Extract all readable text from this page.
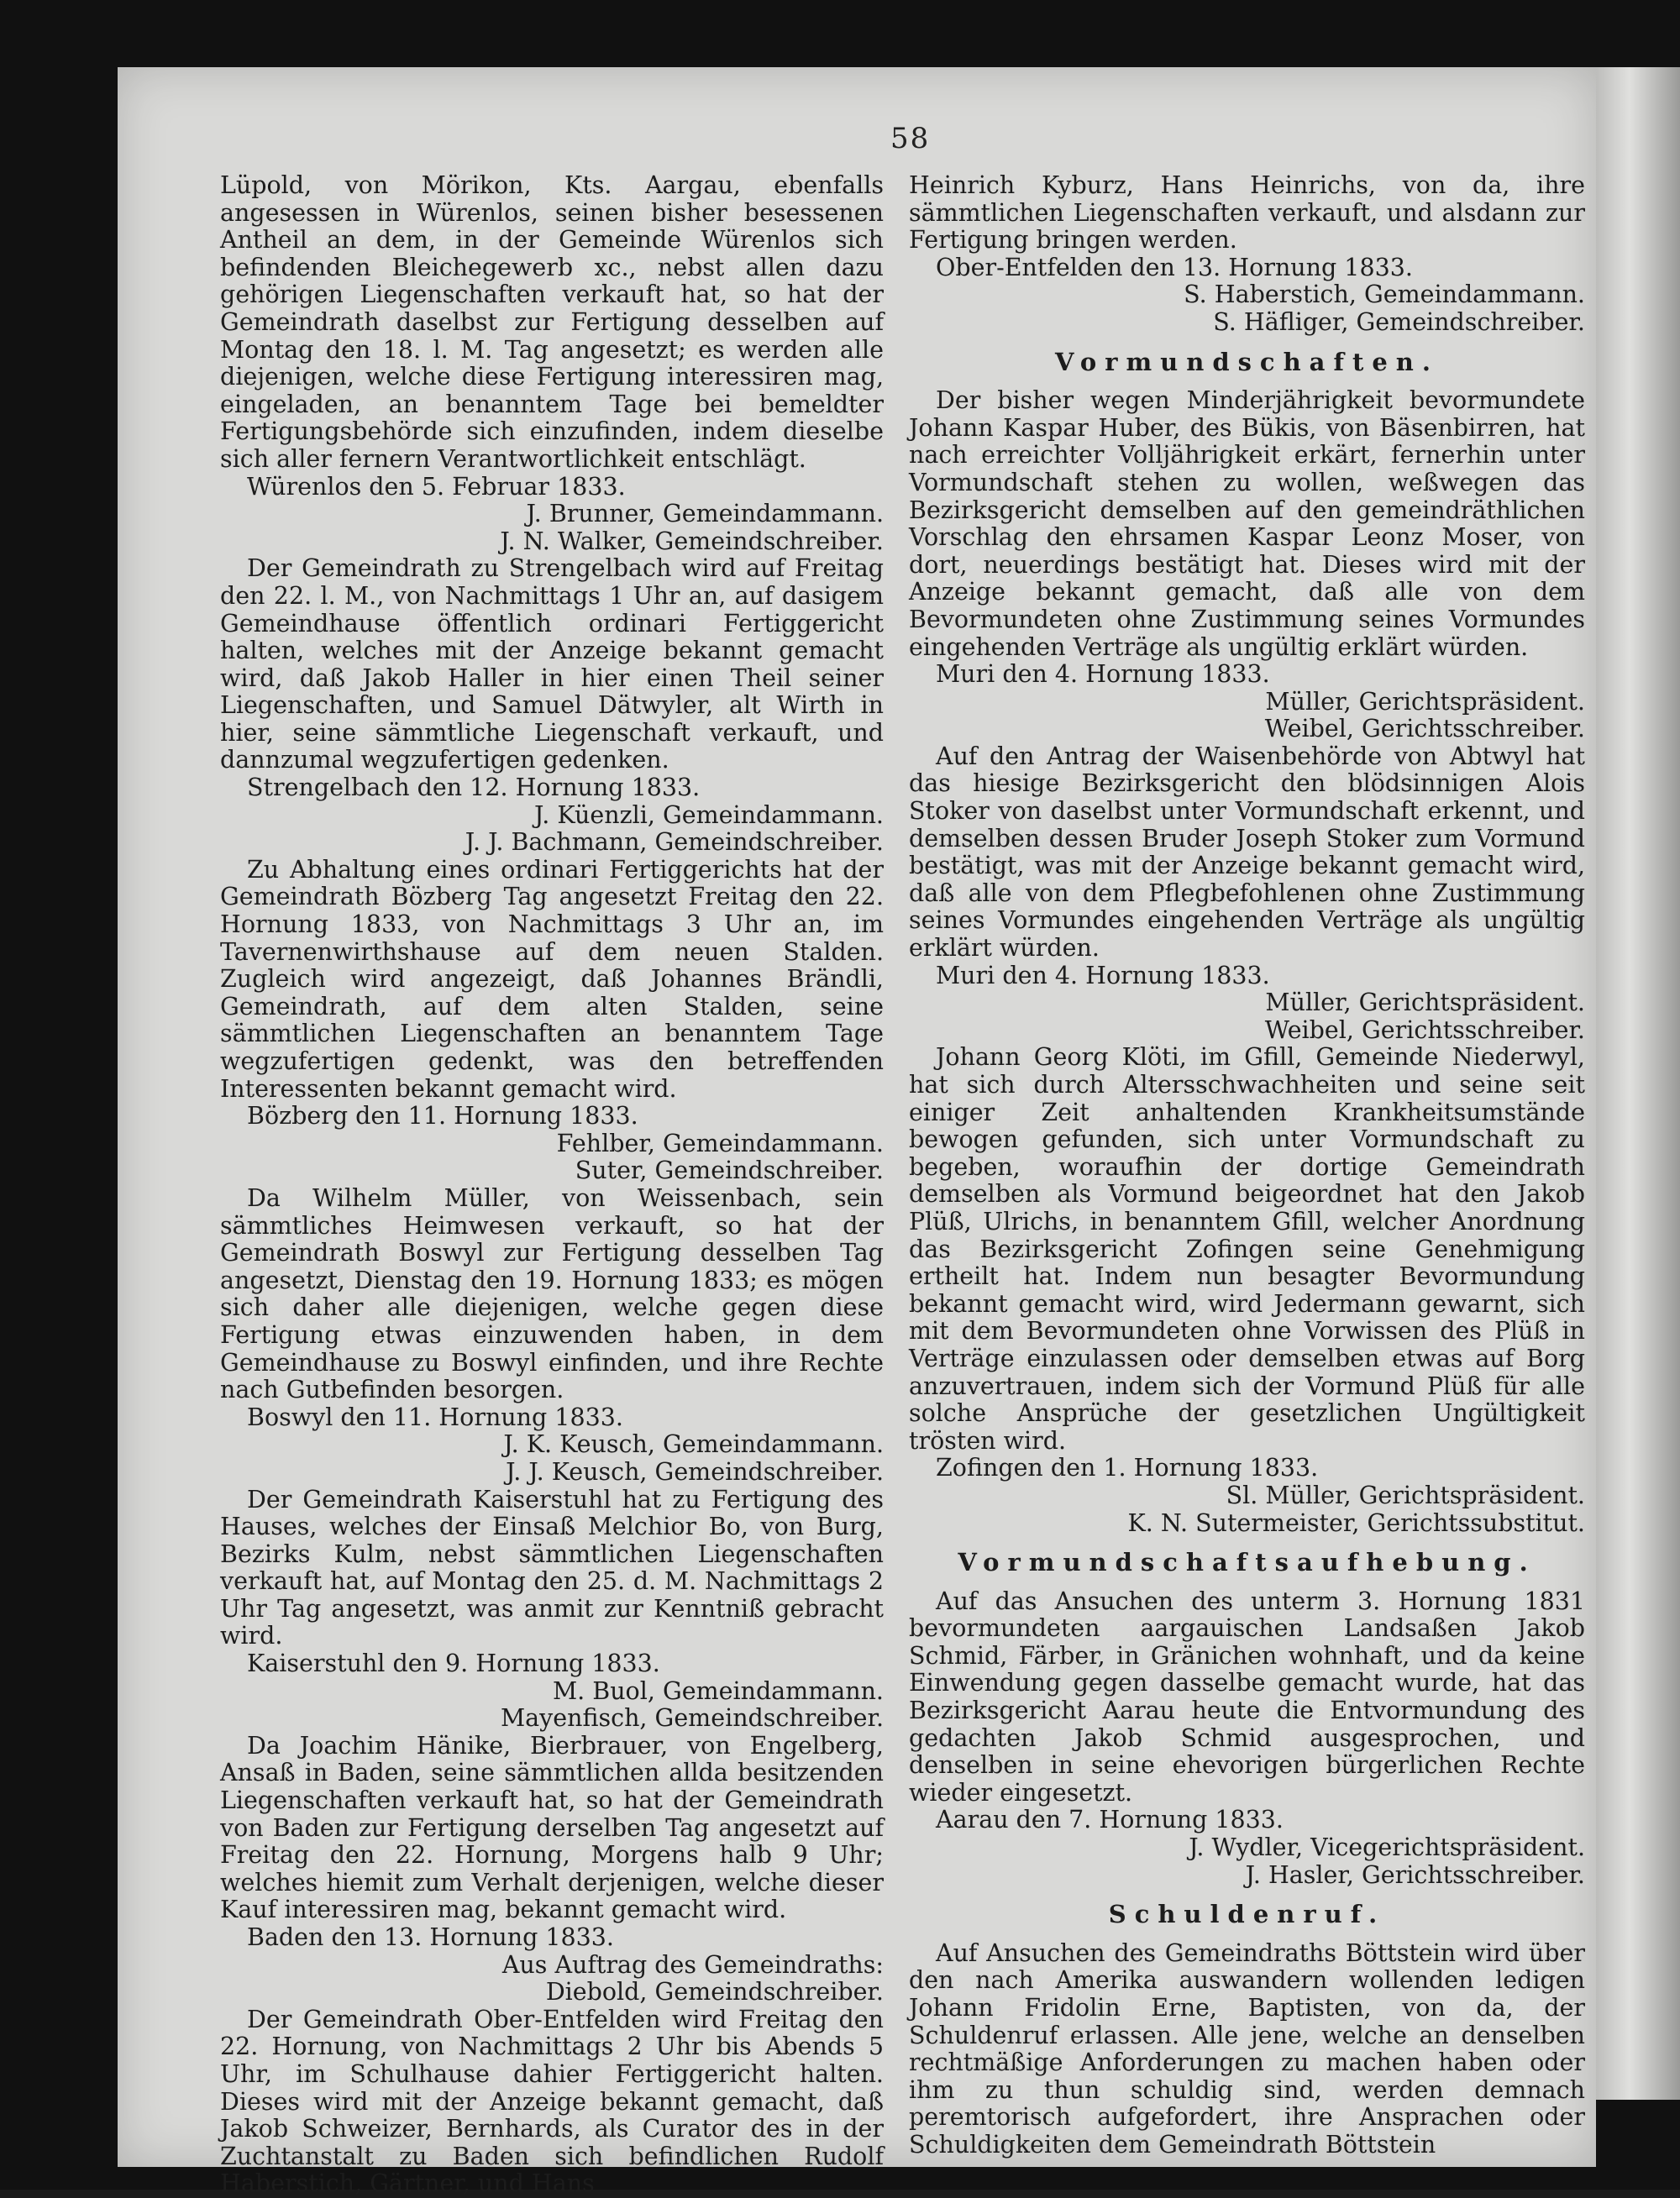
58

Lüpold, von Mörikon, Kts. Aargau, ebenfalls angesessen in Würenlos, seinen bisher besessenen Antheil an dem, in der Gemeinde Würenlos sich befindenden Bleichegewerb xc., nebst allen dazu gehörigen Liegenschaften verkauft hat, so hat der Gemeindrath daselbst zur Fertigung desselben auf Montag den 18. l. M. Tag angesetzt; es werden alle diejenigen, welche diese Fertigung interessiren mag, eingeladen, an benanntem Tage bei bemeldter Fertigungsbehörde sich einzufinden, indem dieselbe sich aller fernern Verantwortlichkeit entschlägt.

Würenlos den 5. Februar 1833.

J. Brunner, Gemeindammann.

J. N. Walker, Gemeindschreiber.

Der Gemeindrath zu Strengelbach wird auf Freitag den 22. l. M., von Nachmittags 1 Uhr an, auf dasigem Gemeindhause öffentlich ordinari Fertiggericht halten, welches mit der Anzeige bekannt gemacht wird, daß Jakob Haller in hier einen Theil seiner Liegenschaften, und Samuel Dätwyler, alt Wirth in hier, seine sämmtliche Liegenschaft verkauft, und dannzumal wegzufertigen gedenken.

Strengelbach den 12. Hornung 1833.

J. Küenzli, Gemeindammann.

J. J. Bachmann, Gemeindschreiber.

Zu Abhaltung eines ordinari Fertiggerichts hat der Gemeindrath Bözberg Tag angesetzt Freitag den 22. Hornung 1833, von Nachmittags 3 Uhr an, im Tavernenwirthshause auf dem neuen Stalden. Zugleich wird angezeigt, daß Johannes Brändli, Gemeindrath, auf dem alten Stalden, seine sämmtlichen Liegenschaften an benanntem Tage wegzufertigen gedenkt, was den betreffenden Interessenten bekannt gemacht wird.

Bözberg den 11. Hornung 1833.

Fehlber, Gemeindammann.

Suter, Gemeindschreiber.

Da Wilhelm Müller, von Weissenbach, sein sämmtliches Heimwesen verkauft, so hat der Gemeindrath Boswyl zur Fertigung desselben Tag angesetzt, Dienstag den 19. Hornung 1833; es mögen sich daher alle diejenigen, welche gegen diese Fertigung etwas einzuwenden haben, in dem Gemeindhause zu Boswyl einfinden, und ihre Rechte nach Gutbefinden besorgen.

Boswyl den 11. Hornung 1833.

J. K. Keusch, Gemeindammann.

J. J. Keusch, Gemeindschreiber.

Der Gemeindrath Kaiserstuhl hat zu Fertigung des Hauses, welches der Einsaß Melchior Bo, von Burg, Bezirks Kulm, nebst sämmtlichen Liegenschaften verkauft hat, auf Montag den 25. d. M. Nachmittags 2 Uhr Tag angesetzt, was anmit zur Kenntniß gebracht wird.

Kaiserstuhl den 9. Hornung 1833.

M. Buol, Gemeindammann.

Mayenfisch, Gemeindschreiber.

Da Joachim Hänike, Bierbrauer, von Engelberg, Ansaß in Baden, seine sämmtlichen allda besitzenden Liegenschaften verkauft hat, so hat der Gemeindrath von Baden zur Fertigung derselben Tag angesetzt auf Freitag den 22. Hornung, Morgens halb 9 Uhr; welches hiemit zum Verhalt derjenigen, welche dieser Kauf interessiren mag, bekannt gemacht wird.

Baden den 13. Hornung 1833.

Aus Auftrag des Gemeindraths:

Diebold, Gemeindschreiber.

Der Gemeindrath Ober-Entfelden wird Freitag den 22. Hornung, von Nachmittags 2 Uhr bis Abends 5 Uhr, im Schulhause dahier Fertiggericht halten. Dieses wird mit der Anzeige bekannt gemacht, daß Jakob Schweizer, Bernhards, als Curator des in der Zuchtanstalt zu Baden sich befindlichen Rudolf Haberstich, Gärtner, und Hans

Heinrich Kyburz, Hans Heinrichs, von da, ihre sämmtlichen Liegenschaften verkauft, und alsdann zur Fertigung bringen werden.

Ober-Entfelden den 13. Hornung 1833.

S. Haberstich, Gemeindammann.

S. Häfliger, Gemeindschreiber.

Vormundschaften.

Der bisher wegen Minderjährigkeit bevormundete Johann Kaspar Huber, des Bükis, von Bäsenbirren, hat nach erreichter Volljährigkeit erkärt, fernerhin unter Vormundschaft stehen zu wollen, weßwegen das Bezirksgericht demselben auf den gemeindräthlichen Vorschlag den ehrsamen Kaspar Leonz Moser, von dort, neuerdings bestätigt hat. Dieses wird mit der Anzeige bekannt gemacht, daß alle von dem Bevormundeten ohne Zustimmung seines Vormundes eingehenden Verträge als ungültig erklärt würden.

Muri den 4. Hornung 1833.

Müller, Gerichtspräsident.

Weibel, Gerichtsschreiber.

Auf den Antrag der Waisenbehörde von Abtwyl hat das hiesige Bezirksgericht den blödsinnigen Alois Stoker von daselbst unter Vormundschaft erkennt, und demselben dessen Bruder Joseph Stoker zum Vormund bestätigt, was mit der Anzeige bekannt gemacht wird, daß alle von dem Pflegbefohlenen ohne Zustimmung seines Vormundes eingehenden Verträge als ungültig erklärt würden.

Muri den 4. Hornung 1833.

Müller, Gerichtspräsident.

Weibel, Gerichtsschreiber.

Johann Georg Klöti, im Gfill, Gemeinde Niederwyl, hat sich durch Altersschwachheiten und seine seit einiger Zeit anhaltenden Krankheitsumstände bewogen gefunden, sich unter Vormundschaft zu begeben, woraufhin der dortige Gemeindrath demselben als Vormund beigeordnet hat den Jakob Plüß, Ulrichs, in benanntem Gfill, welcher Anordnung das Bezirksgericht Zofingen seine Genehmigung ertheilt hat. Indem nun besagter Bevormundung bekannt gemacht wird, wird Jedermann gewarnt, sich mit dem Bevormundeten ohne Vorwissen des Plüß in Verträge einzulassen oder demselben etwas auf Borg anzuvertrauen, indem sich der Vormund Plüß für alle solche Ansprüche der gesetzlichen Ungültigkeit trösten wird.

Zofingen den 1. Hornung 1833.

Sl. Müller, Gerichtspräsident.

K. N. Sutermeister, Gerichtssubstitut.

Vormundschaftsaufhebung.

Auf das Ansuchen des unterm 3. Hornung 1831 bevormundeten aargauischen Landsaßen Jakob Schmid, Färber, in Gränichen wohnhaft, und da keine Einwendung gegen dasselbe gemacht wurde, hat das Bezirksgericht Aarau heute die Entvormundung des gedachten Jakob Schmid ausgesprochen, und denselben in seine ehevorigen bürgerlichen Rechte wieder eingesetzt.

Aarau den 7. Hornung 1833.

J. Wydler, Vicegerichtspräsident.

J. Hasler, Gerichtsschreiber.

Schuldenruf.

Auf Ansuchen des Gemeindraths Böttstein wird über den nach Amerika auswandern wollenden ledigen Johann Fridolin Erne, Baptisten, von da, der Schuldenruf erlassen. Alle jene, welche an denselben rechtmäßige Anforderungen zu machen haben oder ihm zu thun schuldig sind, werden demnach peremtorisch aufgefordert, ihre Ansprachen oder Schuldigkeiten dem Gemeindrath Böttstein
